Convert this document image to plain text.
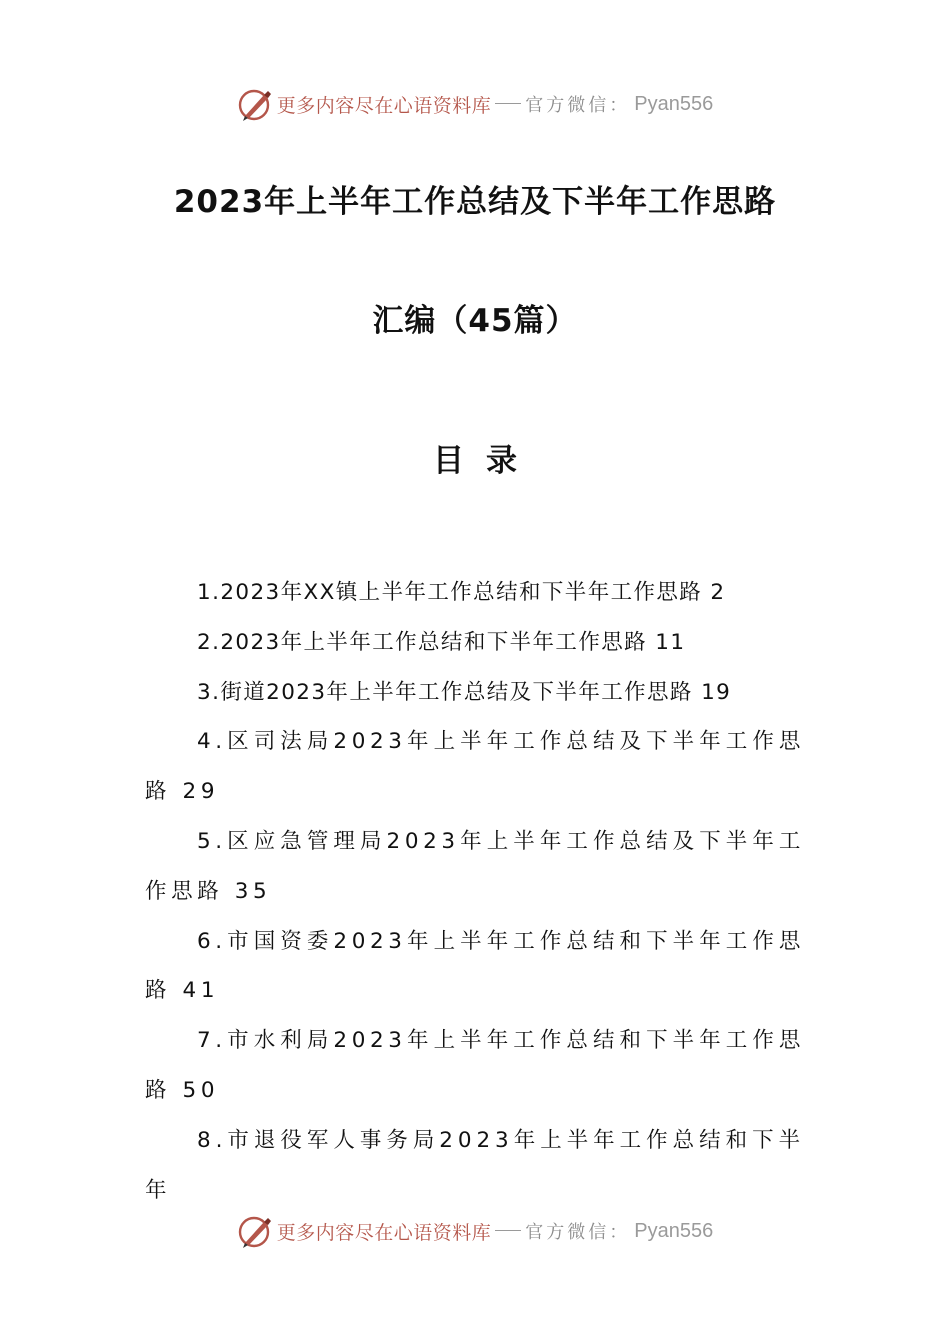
更多内容尽在心语资料库 官方微信： Pyan556
2023年上半年工作总结及下半年工作思路
汇编（45篇）
目录

1.2023年XX镇上半年工作总结和下半年工作思路 2

2.2023年上半年工作总结和下半年工作思路 11

3.街道2023年上半年工作总结及下半年工作思路 19

4.区司法局2023年上半年工作总结及下半年工作思路 29

5.区应急管理局2023年上半年工作总结及下半年工作思路 35

6.市国资委2023年上半年工作总结和下半年工作思路 41

7.市水利局2023年上半年工作总结和下半年工作思路 50

8.市退役军人事务局2023年上半年工作总结和下半年

更多内容尽在心语资料库 官方微信： Pyan556
